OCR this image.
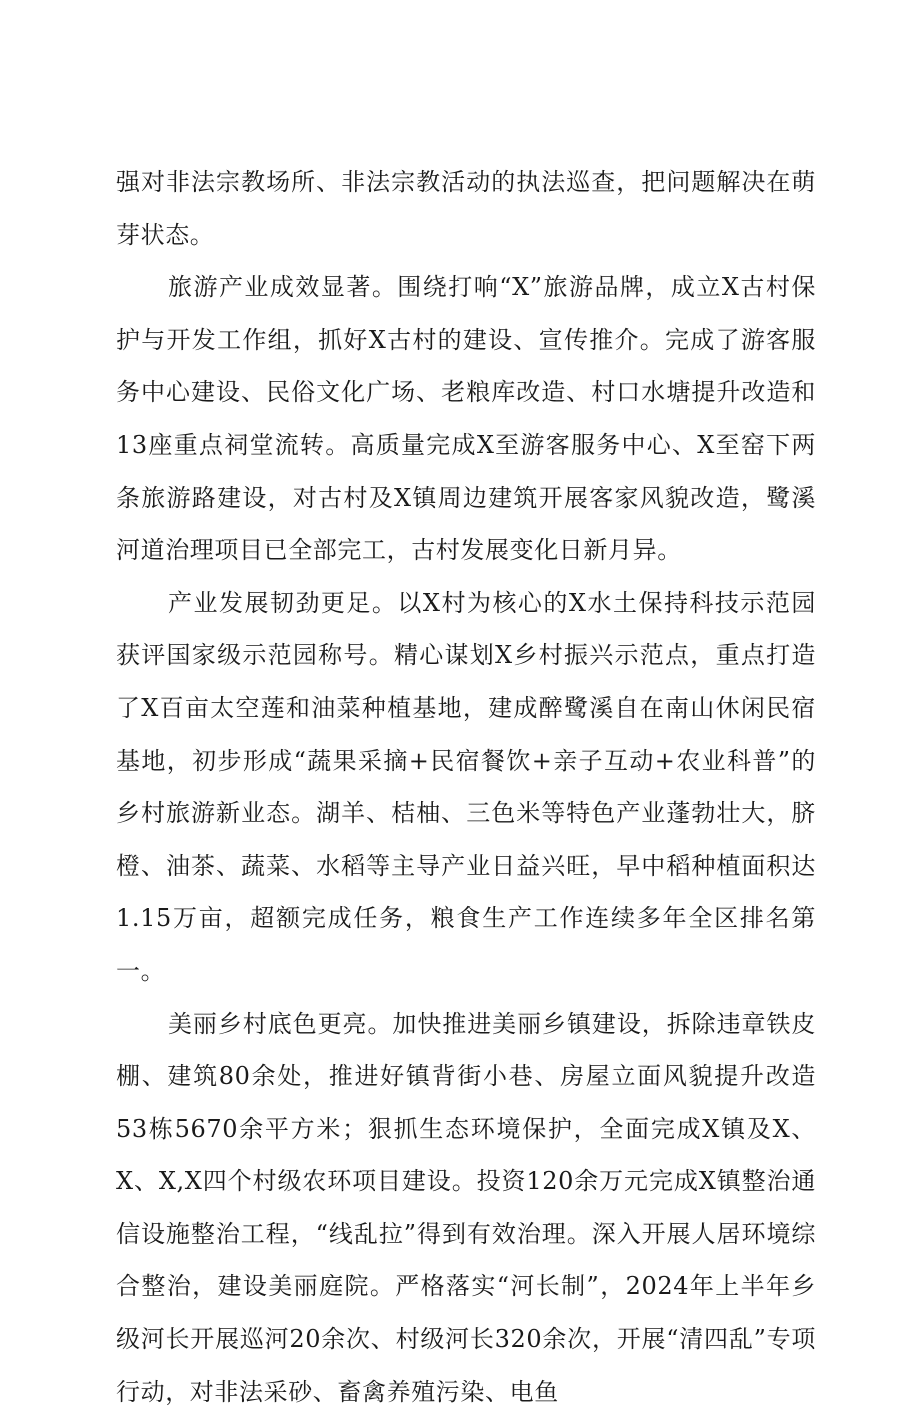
强对非法宗教场所、非法宗教活动的执法巡查，把问题解决在萌芽状态。

旅游产业成效显著。围绕打响“X”旅游品牌，成立X古村保护与开发工作组，抓好X古村的建设、宣传推介。完成了游客服务中心建设、民俗文化广场、老粮库改造、村口水塘提升改造和13座重点祠堂流转。高质量完成X至游客服务中心、X至窑下两条旅游路建设，对古村及X镇周边建筑开展客家风貌改造，鹭溪河道治理项目已全部完工，古村发展变化日新月异。

产业发展韧劲更足。以X村为核心的X水土保持科技示范园获评国家级示范园称号。精心谋划X乡村振兴示范点，重点打造了X百亩太空莲和油菜种植基地，建成醉鹭溪自在南山休闲民宿基地，初步形成“蔬果采摘+民宿餐饮+亲子互动+农业科普”的乡村旅游新业态。湖羊、桔柚、三色米等特色产业蓬勃壮大，脐橙、油茶、蔬菜、水稻等主导产业日益兴旺，早中稻种植面积达1.15万亩，超额完成任务，粮食生产工作连续多年全区排名第一。

美丽乡村底色更亮。加快推进美丽乡镇建设，拆除违章铁皮棚、建筑80余处，推进好镇背街小巷、房屋立面风貌提升改造53栋5670余平方米；狠抓生态环境保护，全面完成X镇及X、X、X,X四个村级农环项目建设。投资120余万元完成X镇整治通信设施整治工程，“线乱拉”得到有效治理。深入开展人居环境综合整治，建设美丽庭院。严格落实“河长制”，2024年上半年乡级河长开展巡河20余次、村级河长320余次，开展“清四乱”专项行动，对非法采砂、畜禽养殖污染、电鱼
